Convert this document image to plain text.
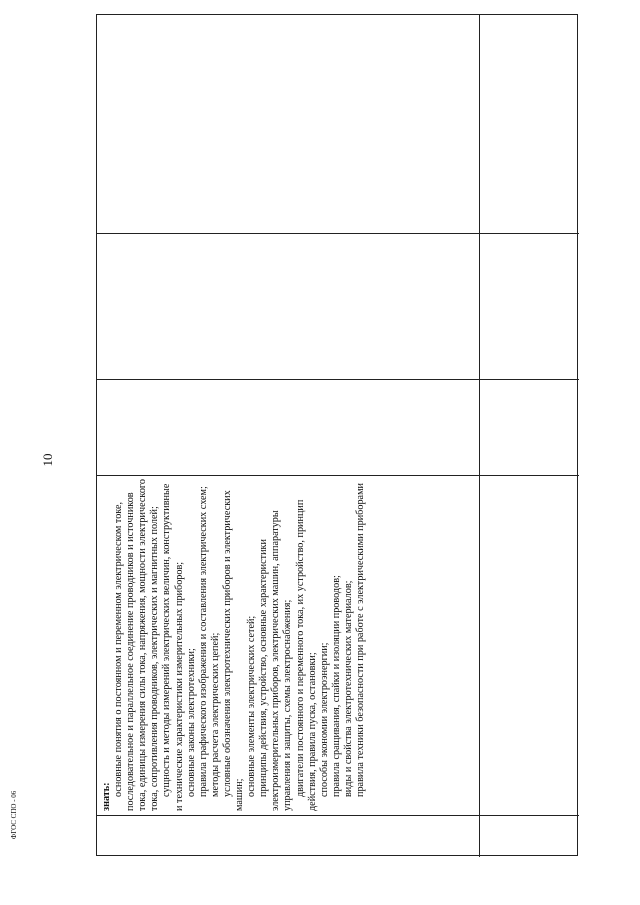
10
ФГОС СПО - 06	знать: основные понятия о постоянном и переменном электрическом токе, последовательное и параллельное соединение проводников и источников тока, единицы измерения силы тока, напряжения, мощности электрического тока, сопротивления проводников, электрических и магнитных полей; сущность и методы измерений электрических величин, конструктивные и технические характеристики измерительных приборов; основные законы электротехники; правила графического изображения и составления электрических схем; методы расчета электрических цепей; условные обозначения электротехнических приборов и электрических машин; основные элементы электрических сетей; принципы действия, устройство, основные характеристики электроизмерительных приборов, электрических машин, аппаратуры управления и защиты, схемы электроснабжения; двигатели постоянного и переменного тока, их устройство, принцип действия, правила пуска, остановки; способы экономии электроэнергии; правила сращивания, спайки и изоляции проводов; виды и свойства электротехнических материалов; правила техники безопасности при работе с электрическими приборами
